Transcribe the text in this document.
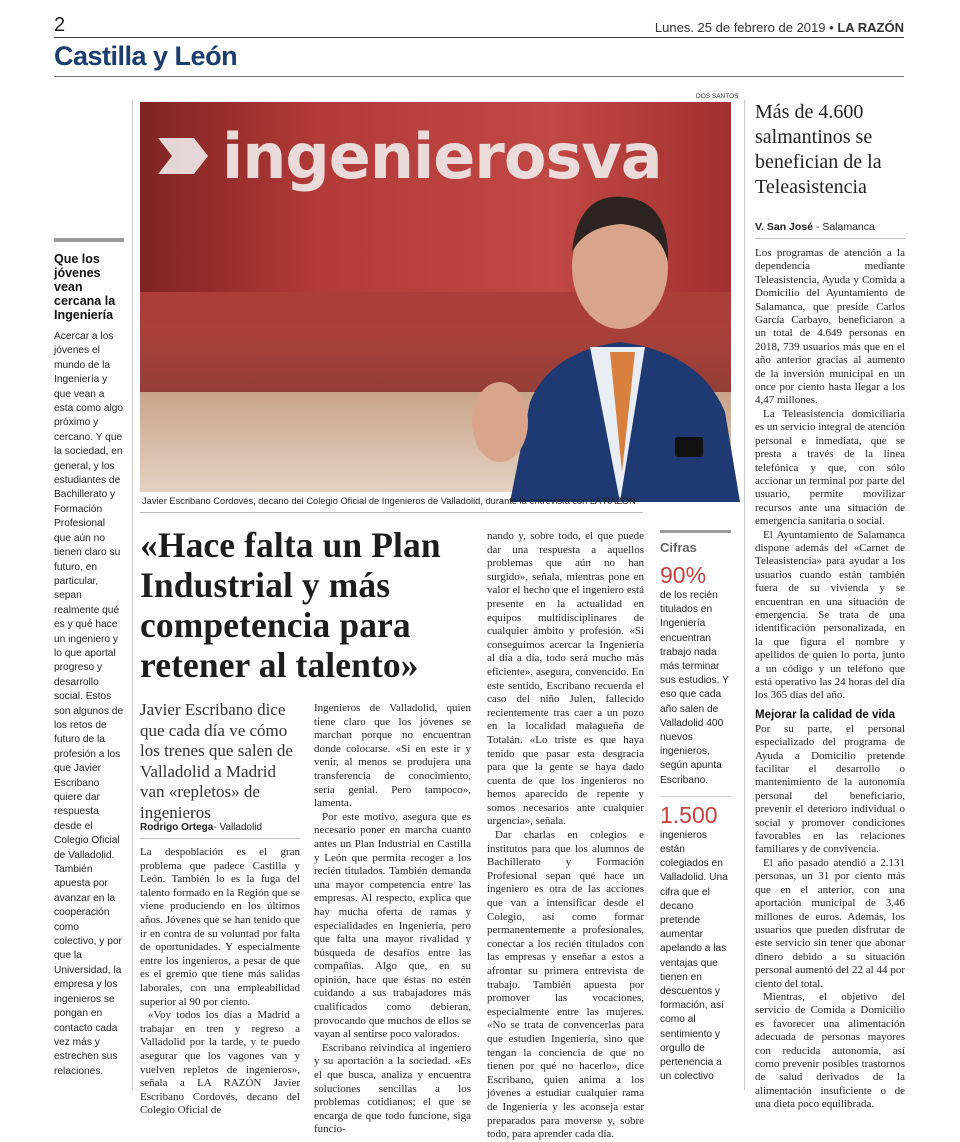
2	Lunes. 25 de febrero de 2019 • LA RAZÓN
Castilla y León
Que los jóvenes vean cercana la Ingeniería

Acercar a los jóvenes el mundo de la Ingeniería y que vean a esta como algo próximo y cercano. Y que la sociedad, en general, y los estudiantes de Bachillerato y Formación Profesional que aún no tienen claro su futuro, en particular, sepan realmente qué es y qué hace un ingeniero y lo que aportal progreso y desarrollo social. Estos son algunos de los retos de futuro de la profesión a los que Javier Escribano quiere dar respuesta desde el Colegio Oficial de Valladolid. También apuesta por avanzar en la cooperación como colectivo, y por que la Universidad, la empresa y los ingenieros se pongan en contacto cada vez más y estrechen sus relaciones.

DOS SANTOS
ingenierosva
Javier Escribano Cordovés, decano del Colegio Oficial de Ingenieros de Valladolid, durante la entrevista con LA RAZÓN
«Hace falta un Plan Industrial y más competencia para retener al talento»
Javier Escribano dice que cada día ve cómo los trenes que salen de Valladolid a Madrid van «repletos» de ingenieros
Rodrigo Ortega- Valladolid

La despoblación es el gran problema que padece Castilla y León. También lo es la fuga del talento formado en la Región que se viene produciendo en los últimos años. Jóvenes que se han tenido que ir en contra de su voluntad por falta de oportunidades. Y especialmente entre los ingenieros, a pesar de que es el gremio que tiene más salidas laborales, con una empleabilidad superior al 90 por ciento.

«Voy todos los días a Madrid a trabajar en tren y regreso a Valladolid por la tarde, y te puedo asegurar que los vagones van y vuelven repletos de ingenieros», señala a LA RAZÓN Javier Escribano Cordovés, decano del Colegio Oficial de

Ingenieros de Valladolid, quien tiene claro que los jóvenes se marchan porque no encuentran donde colocarse. «Si en este ir y venir, al menos se produjera una transferencia de conocimiento, sería genial. Pero tampoco», lamenta.

Por este motivo, asegura que es necesario poner en marcha cuanto antes un Plan Industrial en Castilla y León que permita recoger a los recién titulados. También demanda una mayor competencia entre las empresas. Al respecto, explica que hay mucha oferta de ramas y especialidades en Ingeniería, pero que falta una mayor rivalidad y búsqueda de desafíos entre las compañías. Algo que, en su opinión, hace que éstas no estén cuidando a sus trabajadores más cualificados como debieran, provocando que muchos de ellos se vayan al sentirse poco valorados.

Escribano reivindica al ingeniero y su aportación a la sociedad. «Es el que busca, analiza y encuentra soluciones sencillas a los problemas cotidianos; el que se encarga de que todo funcione, siga funcio-

nando y, sobre todo, el que puede dar una respuesta a aquellos problemas que aún no han surgido», señala, mientras pone en valor el hecho que el ingeniero está presente en la actualidad en equipos multidisciplinares de cualquier ámbito y profesión. «Si conseguimos acercar la Ingeniería al día a día, todo será mucho más eficiente», asegura, convencido. En este sentido, Escribano recuerda el caso del niño Julen, fallecido recientemente tras caer a un pozo en la localidad malagueña de Totalán. «Lo triste es que haya tenido que pasar esta desgracia para que la gente se haya dado cuenta de que los ingenieros no hemos aparecido de repente y somos necesarios ante cualquier urgencia», señala.

Dar charlas en colegios e institutos para que los alumnos de Bachillerato y Formación Profesional sepan qué hace un ingeniero es otra de las acciones que van a intensificar desde el Colegio, así como formar permanentemente a profesionales, conectar a los recién titulados con las empresas y enseñar a estos a afrontar su primera entrevista de trabajo. También apuesta por promover las vocaciones, especialmente entre las mujeres. «No se trata de convencerlas para que estudien Ingeniería, sino que tengan la conciencia de que no tienen por qué no hacerlo», dice Escribano, quien anima a los jóvenes a estudiar cualquier rama de Ingeniería y les aconseja estar preparados para moverse y, sobre todo, para aprender cada día.

Cifras
90%
de los recién titulados en Ingeniería encuentran trabajo nada más terminar sus estudios. Y eso que cada año salen de Valladolid 400 nuevos ingenieros, según apunta Escribano.
1.500
ingenieros están colegiados en Valladolid. Una cifra que el decano pretende aumentar apelando a las ventajas que tienen en descuentos y formación, así como al sentimiento y orgullo de pertenencia a un colectivo
Más de 4.600 salmantinos se benefician de la Teleasistencia
V. San José - Salamanca

Los programas de atención a la dependencia mediante Teleasistencia, Ayuda y Comida a Domicilio del Ayuntamiento de Salamanca, que preside Carlos García Carbayo, beneficiaron a un total de 4.649 personas en 2018, 739 usuarios más que en el año anterior gracias al aumento de la inversión municipal en un once por ciento hasta llegar a los 4,47 millones.

La Teleasistencia domiciliaria es un servicio integral de atención personal e inmediata, que se presta a través de la línea telefónica y que, con sólo accionar un terminal por parte del usuario, permite movilizar recursos ante una situación de emergencia sanitaria o social.

El Ayuntamiento de Salamanca dispone además del «Carnet de Teleasistencia» para ayudar a los usuarios cuando están también fuera de su vivienda y se encuentran en una situación de emergencia. Se trata de una identificación personalizada, en la que figura el nombre y apellidos de quien lo porta, junto a un código y un teléfono que está operativo las 24 horas del día los 365 días del año.

Mejorar la calidad de vida

Por su parte, el personal especializado del programa de Ayuda a Domicilio pretende facilitar el desarrollo o mantenimiento de la autonomía personal del beneficiario, prevenir el deterioro individual o social y promover condiciones favorables en las relaciones familiares y de convivencia.

El año pasado atendió a 2.131 personas, un 31 por ciento más que en el anterior, con una aportación municipal de 3,46 millones de euros. Además, los usuarios que pueden disfrutar de este servicio sin tener que abonar dinero debido a su situación personal aumentó del 22 al 44 por ciento del total.

Mientras, el objetivo del servicio de Comida a Domicilio es favorecer una alimentación adecuada de personas mayores con reducida autonomía, así como prevenir posibles trastornos de salud derivados de la alimentación insuficiente o de una dieta poco equilibrada.
